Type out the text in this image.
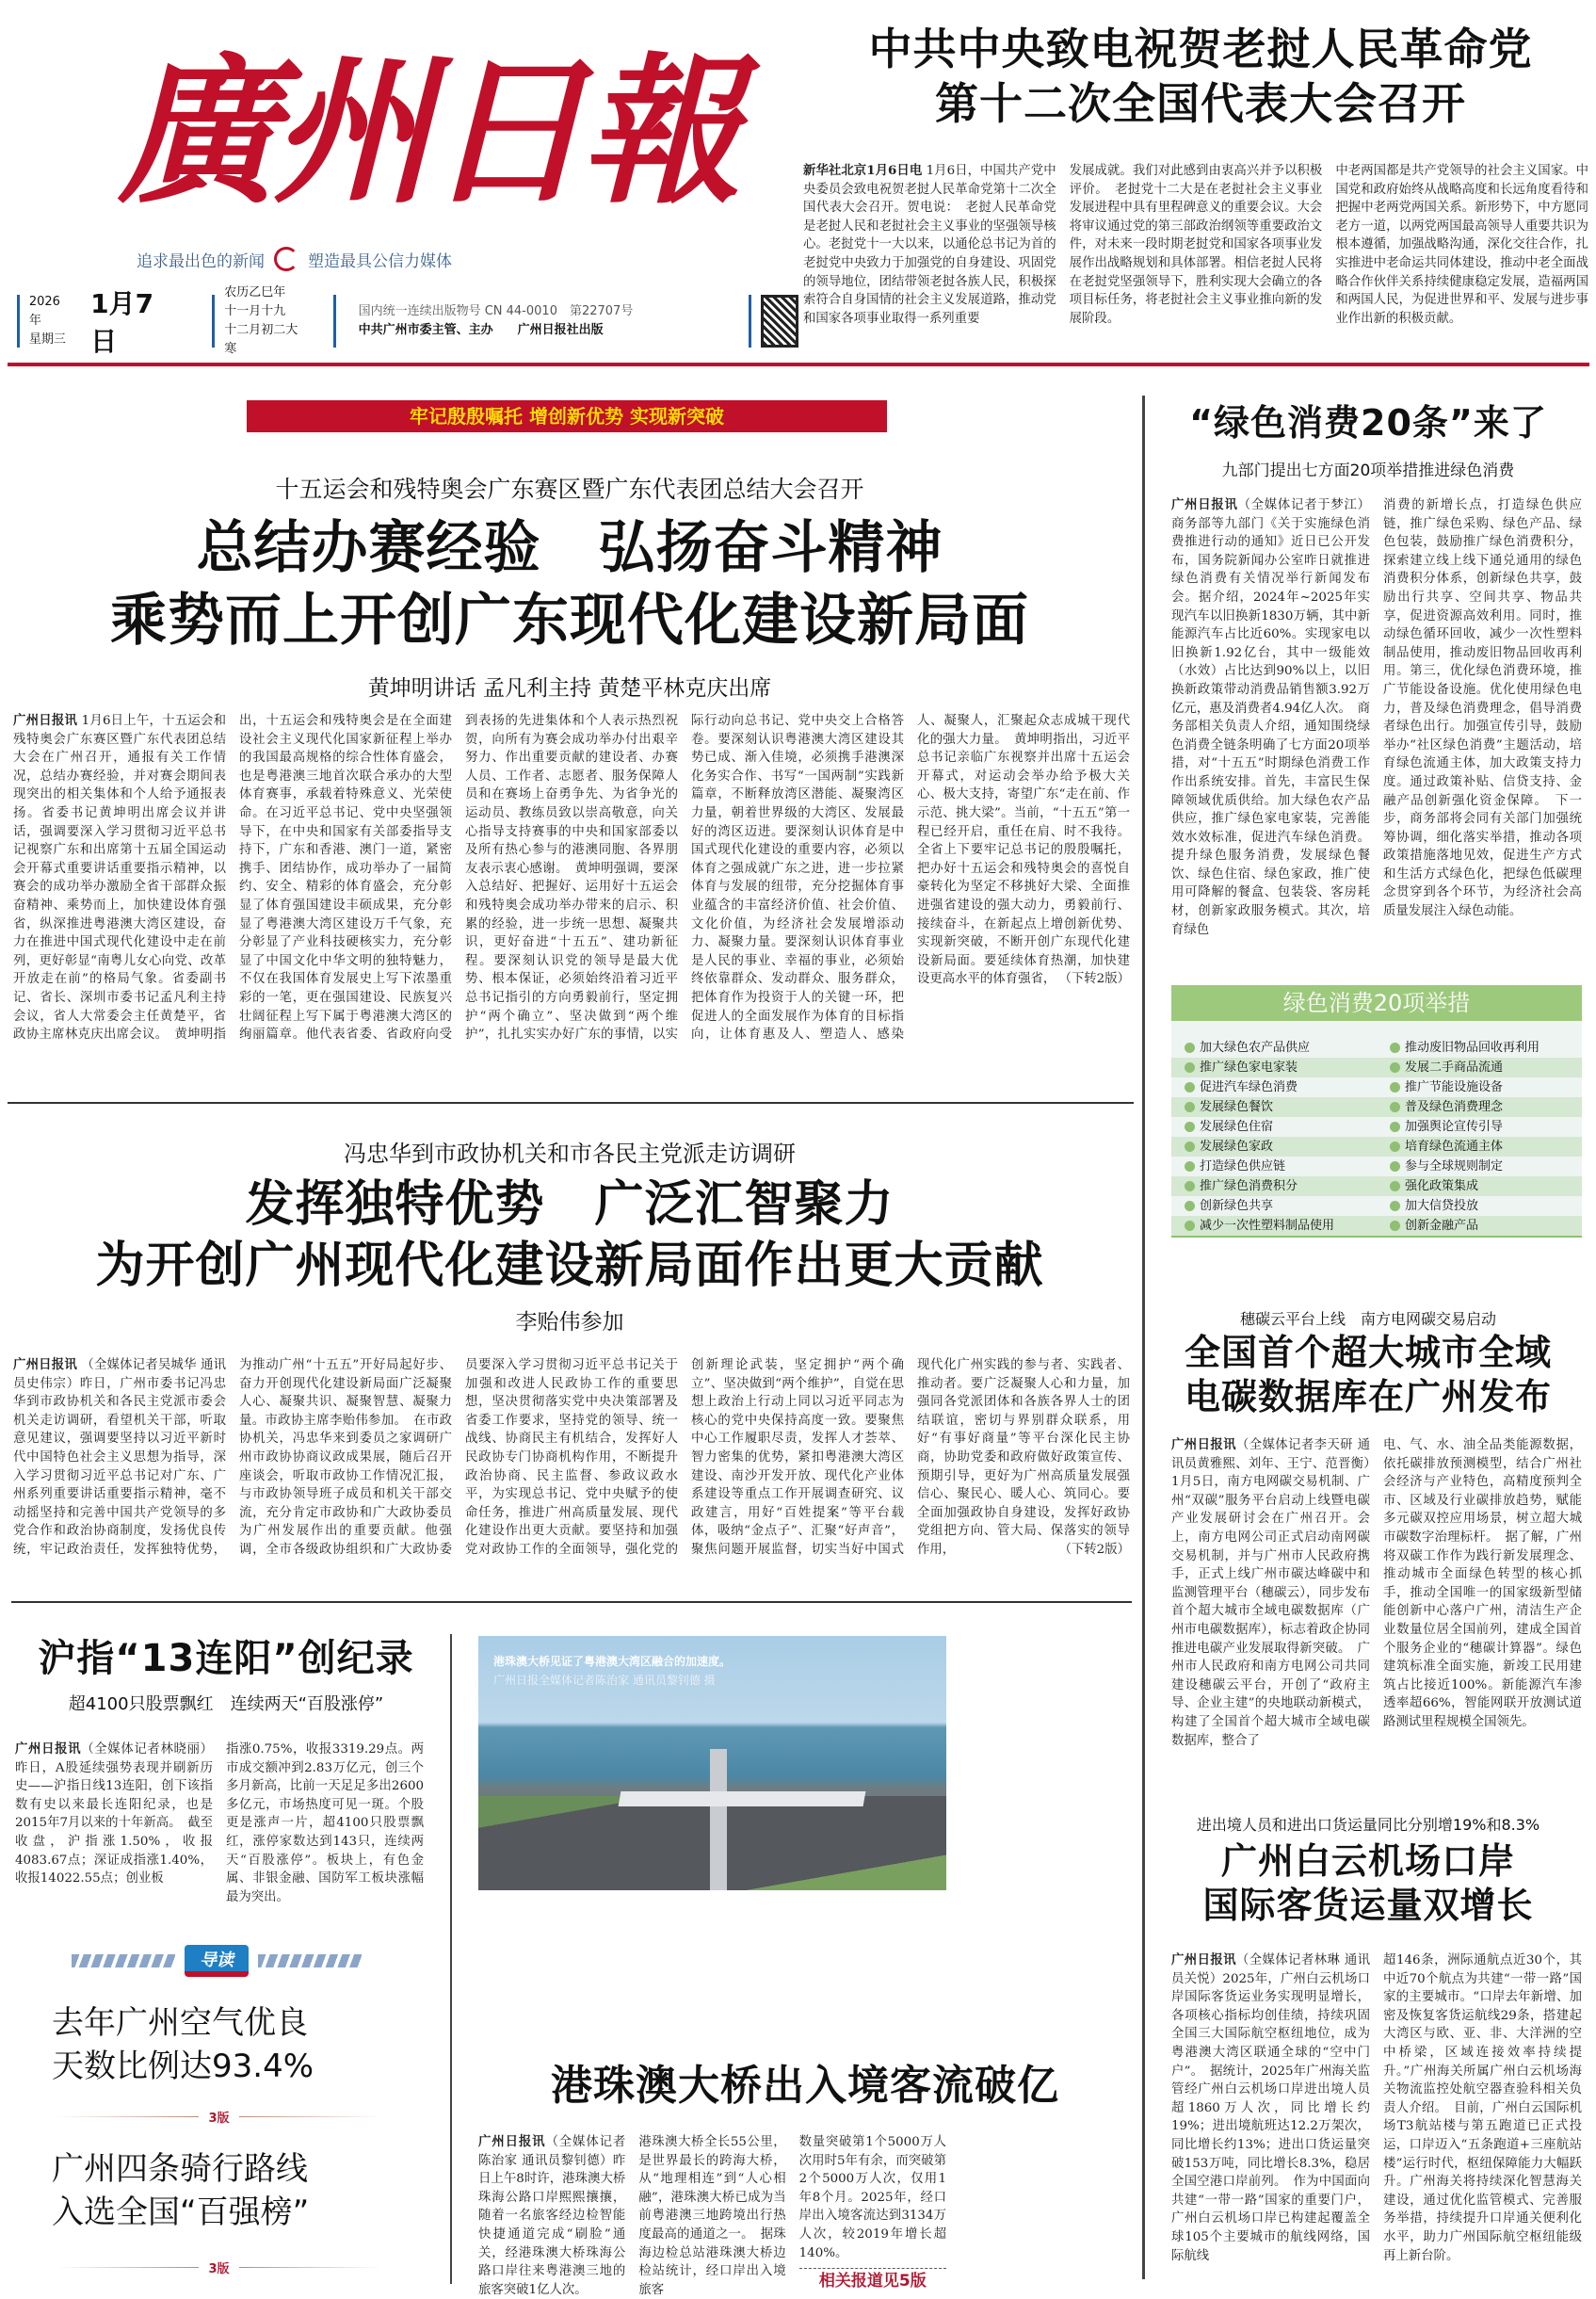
廣州日報
追求最出色的新闻	塑造最具公信力媒体
2026年
星期三
1月7日
农历乙巳年
十一月十九
十二月初二大寒
国内统一连续出版物号 CN 44-0010　第22707号
中共广州市委主管、主办　　广州日报社出版
中共中央致电祝贺老挝人民革命党
第十二次全国代表大会召开
新华社北京1月6日电 1月6日，中国共产党中央委员会致电祝贺老挝人民革命党第十二次全国代表大会召开。贺电说：　老挝人民革命党是老挝人民和老挝社会主义事业的坚强领导核心。老挝党十一大以来，以通伦总书记为首的老挝党中央致力于加强党的自身建设、巩固党的领导地位，团结带领老挝各族人民，积极探索符合自身国情的社会主义发展道路，推动党和国家各项事业取得一系列重要
发展成就。我们对此感到由衷高兴并予以积极评价。　老挝党十二大是在老挝社会主义事业发展进程中具有里程碑意义的重要会议。大会将审议通过党的第三部政治纲领等重要政治文件，对未来一段时期老挝党和国家各项事业发展作出战略规划和具体部署。相信老挝人民将在老挝党坚强领导下，胜利实现大会确立的各项目标任务，将老挝社会主义事业推向新的发展阶段。
中老两国都是共产党领导的社会主义国家。中国党和政府始终从战略高度和长远角度看待和把握中老两党两国关系。新形势下，中方愿同老方一道，以两党两国最高领导人重要共识为根本遵循，加强战略沟通，深化交往合作，扎实推进中老命运共同体建设，推动中老全面战略合作伙伴关系持续健康稳定发展，造福两国和两国人民，为促进世界和平、发展与进步事业作出新的积极贡献。
牢记殷殷嘱托 增创新优势 实现新突破
十五运会和残特奥会广东赛区暨广东代表团总结大会召开
总结办赛经验　弘扬奋斗精神
乘势而上开创广东现代化建设新局面
黄坤明讲话 孟凡利主持 黄楚平林克庆出席
广州日报讯 1月6日上午，十五运会和残特奥会广东赛区暨广东代表团总结大会在广州召开，通报有关工作情况，总结办赛经验，并对赛会期间表现突出的相关集体和个人给予通报表扬。省委书记黄坤明出席会议并讲话，强调要深入学习贯彻习近平总书记视察广东和出席第十五届全国运动会开幕式重要讲话重要指示精神，以赛会的成功举办激励全省干部群众振奋精神、乘势而上，加快建设体育强省，纵深推进粤港澳大湾区建设，奋力在推进中国式现代化建设中走在前列，更好彰显“南粤儿女心向党、改革开放走在前”的格局气象。省委副书记、省长、深圳市委书记孟凡利主持会议，省人大常委会主任黄楚平，省政协主席林克庆出席会议。　黄坤明指出，十五运会和残特奥会是在全面建设社会主义现代化国家新征程上举办的我国最高规格的综合性体育盛会，也是粤港澳三地首次联合承办的大型体育赛事，承载着特殊意义、光荣使命。在习近平总书记、党中央坚强领导下，在中央和国家有关部委指导支持下，广东和香港、澳门一道，紧密携手、团结协作，成功举办了一届简约、安全、精彩的体育盛会，充分彰显了体育强国建设丰硕成果，充分彰显了粤港澳大湾区建设万千气象，充分彰显了产业科技硬核实力，充分彰显了中国文化中华文明的独特魅力，不仅在我国体育发展史上写下浓墨重彩的一笔，更在强国建设、民族复兴壮阔征程上写下属于粤港澳大湾区的绚丽篇章。他代表省委、省政府向受到表扬的先进集体和个人表示热烈祝贺，向所有为赛会成功举办付出艰辛努力、作出重要贡献的建设者、办赛人员、工作者、志愿者、服务保障人员和在赛场上奋勇争先、为省争光的运动员、教练员致以崇高敬意，向关心指导支持赛事的中央和国家部委以及所有热心参与的港澳同胞、各界朋友表示衷心感谢。　黄坤明强调，要深入总结好、把握好、运用好十五运会和残特奥会成功举办带来的启示、积累的经验，进一步统一思想、凝聚共识，更好奋进“十五五”、建功新征程。要深刻认识党的领导是最大优势、根本保证，必须始终沿着习近平总书记指引的方向勇毅前行，坚定拥护“两个确立”、坚决做到“两个维护”，扎扎实实办好广东的事情，以实际行动向总书记、党中央交上合格答卷。要深刻认识粤港澳大湾区建设其势已成、渐入佳境，必须携手港澳深化务实合作、书写“一国两制”实践新篇章，不断释放湾区潜能、凝聚湾区力量，朝着世界级的大湾区、发展最好的湾区迈进。要深刻认识体育是中国式现代化建设的重要内容，必须以体育之强成就广东之进，进一步拉紧体育与发展的纽带，充分挖掘体育事业蕴含的丰富经济价值、社会价值、文化价值，为经济社会发展增添动力、凝聚力量。要深刻认识体育事业是人民的事业、幸福的事业，必须始终依靠群众、发动群众、服务群众，把体育作为投资于人的关键一环，把促进人的全面发展作为体育的目标指向，让体育惠及人、塑造人、感染人、凝聚人，汇聚起众志成城干现代化的强大力量。　黄坤明指出，习近平总书记亲临广东视察并出席十五运会开幕式，对运动会举办给予极大关心、极大支持，寄望广东“走在前、作示范、挑大梁”。当前，“十五五”第一程已经开启，重任在肩、时不我待。全省上下要牢记总书记的殷殷嘱托，把办好十五运会和残特奥会的喜悦自豪转化为坚定不移挑好大梁、全面推进强省建设的强大动力，勇毅前行、接续奋斗，在新起点上增创新优势、实现新突破，不断开创广东现代化建设新局面。要延续体育热潮，加快建设更高水平的体育强省， （下转2版）
冯忠华到市政协机关和市各民主党派走访调研
发挥独特优势　广泛汇智聚力
为开创广州现代化建设新局面作出更大贡献
李贻伟参加
广州日报讯 （全媒体记者吴城华 通讯员史伟宗）昨日，广州市委书记冯忠华到市政协机关和各民主党派市委会机关走访调研，看望机关干部，听取意见建议，强调要坚持以习近平新时代中国特色社会主义思想为指导，深入学习贯彻习近平总书记对广东、广州系列重要讲话重要指示精神，毫不动摇坚持和完善中国共产党领导的多党合作和政治协商制度，发扬优良传统，牢记政治责任，发挥独特优势，为推动广州“十五五”开好局起好步、奋力开创现代化建设新局面广泛凝聚人心、凝聚共识、凝聚智慧、凝聚力量。市政协主席李贻伟参加。　在市政协机关，冯忠华来到委员之家调研广州市政协协商议政成果展，随后召开座谈会，听取市政协工作情况汇报，与市政协领导班子成员和机关干部交流，充分肯定市政协和广大政协委员为广州发展作出的重要贡献。他强调，全市各级政协组织和广大政协委员要深入学习贯彻习近平总书记关于加强和改进人民政协工作的重要思想，坚决贯彻落实党中央决策部署及省委工作要求，坚持党的领导、统一战线、协商民主有机结合，发挥好人民政协专门协商机构作用，不断提升政治协商、民主监督、参政议政水平，为实现总书记、党中央赋予的使命任务，推进广州高质量发展、现代化建设作出更大贡献。要坚持和加强党对政协工作的全面领导，强化党的创新理论武装，坚定拥护“两个确立”、坚决做到“两个维护”，自觉在思想上政治上行动上同以习近平同志为核心的党中央保持高度一致。要聚焦中心工作履职尽责，发挥人才荟萃、智力密集的优势，紧扣粤港澳大湾区建设、南沙开发开放、现代化产业体系建设等重点工作开展调查研究、议政建言，用好“百姓提案”等平台载体，吸纳“金点子”、汇聚“好声音”，聚焦问题开展监督，切实当好中国式现代化广州实践的参与者、实践者、推动者。要广泛凝聚人心和力量，加强同各党派团体和各族各界人士的团结联谊，密切与界别群众联系，用好“有事好商量”等平台深化民主协商，协助党委和政府做好政策宣传、预期引导，更好为广州高质量发展强信心、聚民心、暖人心、筑同心。要全面加强政协自身建设，发挥好政协党组把方向、管大局、保落实的领导作用，	（下转2版）
“绿色消费20条”来了
九部门提出七方面20项举措推进绿色消费
广州日报讯（全媒体记者于梦江）商务部等九部门《关于实施绿色消费推进行动的通知》近日已公开发布，国务院新闻办公室昨日就推进绿色消费有关情况举行新闻发布会。据介绍，2024年~2025年实现汽车以旧换新1830万辆，其中新能源汽车占比近60%。实现家电以旧换新1.92亿台，其中一级能效（水效）占比达到90%以上，以旧换新政策带动消费品销售额3.92万亿元，惠及消费者4.94亿人次。　商务部相关负责人介绍，通知围绕绿色消费全链条明确了七方面20项举措，对“十五五”时期绿色消费工作作出系统安排。首先，丰富民生保障领域优质供给。加大绿色农产品供应，推广绿色家电家装，完善能效水效标准，促进汽车绿色消费。提升绿色服务消费，发展绿色餐饮、绿色住宿、绿色家政，推广使用可降解的餐盒、包装袋、客房耗材，创新家政服务模式。其次，培育绿色
消费的新增长点，打造绿色供应链，推广绿色采购、绿色产品、绿色包装，鼓励推广绿色消费积分，探索建立线上线下通兑通用的绿色消费积分体系，创新绿色共享，鼓励出行共享、空间共享、物品共享，促进资源高效利用。同时，推动绿色循环回收，减少一次性塑料制品使用，推动废旧物品回收再利用。第三，优化绿色消费环境，推广节能设备设施。优化使用绿色电力，普及绿色消费理念，倡导消费者绿色出行。加强宣传引导，鼓励举办“社区绿色消费”主题活动，培育绿色流通主体，加大政策支持力度。通过政策补贴、信贷支持、金融产品创新强化资金保障。　下一步，商务部将会同有关部门加强统筹协调，细化落实举措，推动各项政策措施落地见效，促进生产方式和生活方式绿色化，把绿色低碳理念贯穿到各个环节，为经济社会高质量发展注入绿色动能。
绿色消费20项举措
加大绿色农产品供应	推动废旧物品回收再利用
推广绿色家电家装	发展二手商品流通
促进汽车绿色消费	推广节能设施设备
发展绿色餐饮	普及绿色消费理念
发展绿色住宿	加强舆论宣传引导
发展绿色家政	培育绿色流通主体
打造绿色供应链	参与全球规则制定
推广绿色消费积分	强化政策集成
创新绿色共享	加大信贷投放
减少一次性塑料制品使用	创新金融产品
穗碳云平台上线　南方电网碳交易启动
全国首个超大城市全域
电碳数据库在广州发布
广州日报讯（全媒体记者李天研 通讯员黄雅熙、刘年、王宁、范晋衡）1月5日，南方电网碳交易机制、广州“双碳”服务平台启动上线暨电碳产业发展研讨会在广州召开。会上，南方电网公司正式启动南网碳交易机制，并与广州市人民政府携手，正式上线广州市碳达峰碳中和监测管理平台（穗碳云），同步发布首个超大城市全域电碳数据库（广州市电碳数据库），标志着政企协同推进电碳产业发展取得新突破。　广州市人民政府和南方电网公司共同建设穗碳云平台，开创了“政府主导、企业主建”的央地联动新模式，构建了全国首个超大城市全域电碳数据库，整合了
电、气、水、油全品类能源数据，依托碳排放预测模型，结合广州社会经济与产业特色，高精度预判全市、区域及行业碳排放趋势，赋能多元碳双控应用场景，树立超大城市碳数字治理标杆。　据了解，广州将双碳工作作为践行新发展理念、推动城市全面绿色转型的核心抓手，推动全国唯一的国家级新型储能创新中心落户广州，清洁生产企业数量位居全国前列，建成全国首个服务企业的“穗碳计算器”。绿色建筑标准全面实施，新竣工民用建筑占比接近100%。新能源汽车渗透率超66%，智能网联开放测试道路测试里程规模全国领先。
进出境人员和进出口货运量同比分别增19%和8.3%
广州白云机场口岸
国际客货运量双增长
广州日报讯（全媒体记者林琳 通讯员关悦）2025年，广州白云机场口岸国际客货运业务实现明显增长，各项核心指标均创佳绩，持续巩固全国三大国际航空枢纽地位，成为粤港澳大湾区联通全球的“空中门户”。　据统计，2025年广州海关监管经广州白云机场口岸进出境人员超1860万人次，同比增长约19%；进出境航班达12.2万架次，同比增长约13%；进出口货运量突破153万吨，同比增长8.3%，稳居全国空港口岸前列。　作为中国面向共建“一带一路”国家的重要门户，广州白云机场口岸已构建起覆盖全球105个主要城市的航线网络，国际航线
超146条，洲际通航点近30个，其中近70个航点为共建“一带一路”国家的主要城市。“口岸去年新增、加密及恢复客货运航线29条，搭建起大湾区与欧、亚、非、大洋洲的空中桥梁，区域连接效率持续提升。”广州海关所属广州白云机场海关物流监控处航空器查验科相关负责人介绍。　目前，广州白云国际机场T3航站楼与第五跑道已正式投运，口岸迈入“五条跑道+三座航站楼”运行时代，枢纽保障能力大幅跃升。广州海关将持续深化智慧海关建设，通过优化监管模式、完善服务举措，持续提升口岸通关便利化水平，助力广州国际航空枢纽能级再上新台阶。
沪指“13连阳”创纪录
超4100只股票飘红　连续两天“百股涨停”
广州日报讯（全媒体记者林晓丽）昨日，A股延续强势表现并刷新历史——沪指日线13连阳，创下该指数有史以来最长连阳纪录，也是2015年7月以来的十年新高。　截至收盘，沪指涨1.50%，收报4083.67点；深证成指涨1.40%，收报14022.55点；创业板
指涨0.75%，收报3319.29点。两市成交额冲到2.83万亿元，创三个多月新高，比前一天足足多出2600多亿元，市场热度可见一斑。个股更是涨声一片，超4100只股票飘红，涨停家数达到143只，连续两天“百股涨停”。板块上，有色金属、非银金融、国防军工板块涨幅最为突出。
导读
去年广州空气优良
天数比例达93.4%
3版
广州四条骑行路线
入选全国“百强榜”
3版
港珠澳大桥见证了粤港澳大湾区融合的加速度。
广州日报全媒体记者陈治家 通讯员黎钊德 摄
港珠澳大桥出入境客流破亿
广州日报讯（全媒体记者陈治家 通讯员黎钊德）昨日上午8时许，港珠澳大桥珠海公路口岸熙熙攘攘，随着一名旅客经边检智能快捷通道完成“刷脸”通关，经港珠澳大桥珠海公路口岸往来粤港澳三地的旅客突破1亿人次。
港珠澳大桥全长55公里，是世界最长的跨海大桥，从“地理相连”到“人心相融”，港珠澳大桥已成为当前粤港澳三地跨境出行热度最高的通道之一。　据珠海边检总站港珠澳大桥边检站统计，经口岸出入境旅客
数量突破第1个5000万人次用时5年有余，而突破第2个5000万人次，仅用1年8个月。2025年，经口岸出入境客流达到3134万人次，较2019年增长超140%。
相关报道见5版
